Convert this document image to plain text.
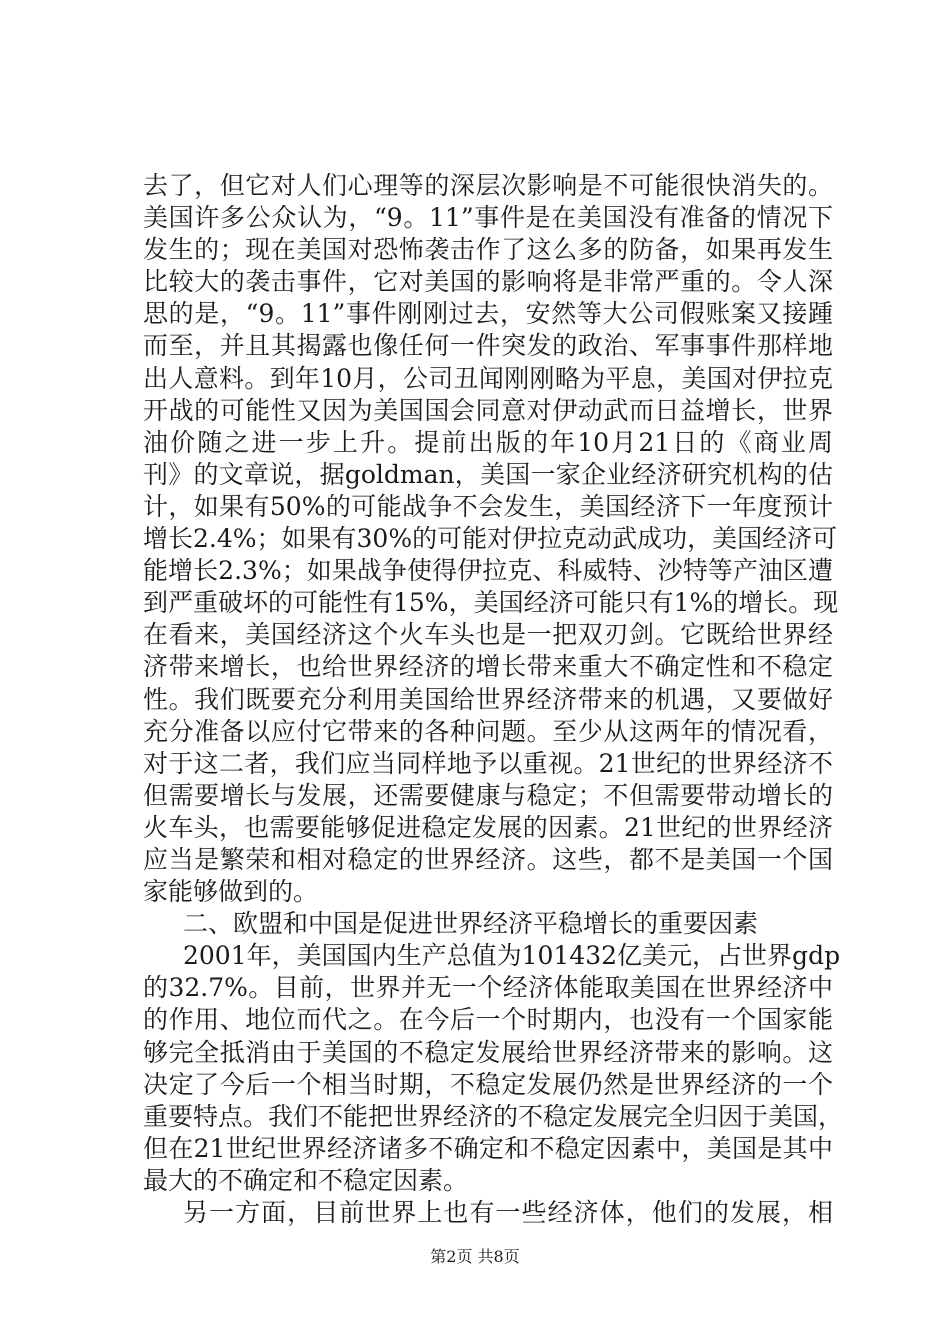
去了，但它对人们心理等的深层次影响是不可能很快消失的。
美国许多公众认为，“9。11”事件是在美国没有准备的情况下
发生的；现在美国对恐怖袭击作了这么多的防备，如果再发生
比较大的袭击事件，它对美国的影响将是非常严重的。令人深
思的是，“9。11”事件刚刚过去，安然等大公司假账案又接踵
而至，并且其揭露也像任何一件突发的政治、军事事件那样地
出人意料。到年10月，公司丑闻刚刚略为平息，美国对伊拉克
开战的可能性又因为美国国会同意对伊动武而日益增长，世界
油价随之进一步上升。提前出版的年10月21日的《商业周
刊》的文章说，据goldman，美国一家企业经济研究机构的估
计，如果有50%的可能战争不会发生，美国经济下一年度预计
增长2.4%；如果有30%的可能对伊拉克动武成功，美国经济可
能增长2.3%；如果战争使得伊拉克、科威特、沙特等产油区遭
到严重破坏的可能性有15%，美国经济可能只有1%的增长。现
在看来，美国经济这个火车头也是一把双刃剑。它既给世界经
济带来增长，也给世界经济的增长带来重大不确定性和不稳定
性。我们既要充分利用美国给世界经济带来的机遇，又要做好
充分准备以应付它带来的各种问题。至少从这两年的情况看，
对于这二者，我们应当同样地予以重视。21世纪的世界经济不
但需要增长与发展，还需要健康与稳定；不但需要带动增长的
火车头，也需要能够促进稳定发展的因素。21世纪的世界经济
应当是繁荣和相对稳定的世界经济。这些，都不是美国一个国
家能够做到的。
二、欧盟和中国是促进世界经济平稳增长的重要因素
2001年，美国国内生产总值为101432亿美元，占世界gdp
的32.7%。目前，世界并无一个经济体能取美国在世界经济中
的作用、地位而代之。在今后一个时期内，也没有一个国家能
够完全抵消由于美国的不稳定发展给世界经济带来的影响。这
决定了今后一个相当时期，不稳定发展仍然是世界经济的一个
重要特点。我们不能把世界经济的不稳定发展完全归因于美国，
但在21世纪世界经济诸多不确定和不稳定因素中，美国是其中
最大的不确定和不稳定因素。
另一方面，目前世界上也有一些经济体，他们的发展，相
第2页 共8页
